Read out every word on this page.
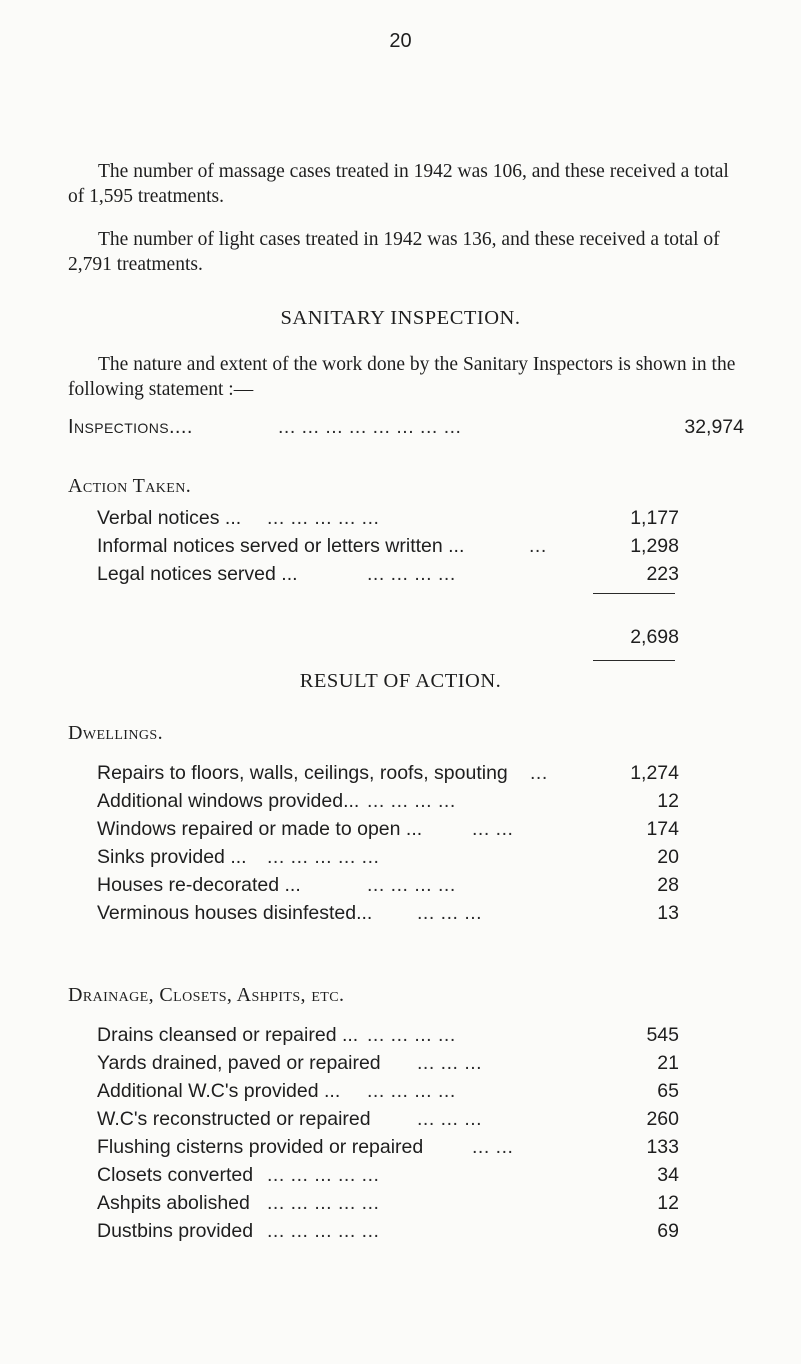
20
The number of massage cases treated in 1942 was 106, and these received a total of 1,595 treatments.
The number of light cases treated in 1942 was 136, and these received a total of 2,791 treatments.
SANITARY INSPECTION.
The nature and extent of the work done by the Sanitary Inspectors is shown in the following statement :—
Inspections....	... ... ... ... ... ... ... ...	32,974
Action Taken.
Verbal notices ... ... ... ... ... ...	1,177
Informal notices served or letters written ...	...	1,298
Legal notices served ...	... ... ... ...	223
2,698
RESULT OF ACTION.
Dwellings.
Repairs to floors, walls, ceilings, roofs, spouting ...	1,274
Additional windows provided... ... ... ... ...	12
Windows repaired or made to open ...	... ...	174
Sinks provided ... ... ... ... ... ...	20
Houses re-decorated ...	... ... ... ...	28
Verminous houses disinfested... ... ... ...	13
Drainage, Closets, Ashpits, etc.
Drains cleansed or repaired ... ... ... ... ...	545
Yards drained, paved or repaired ... ... ...	21
Additional W.C's provided ... ... ... ... ...	65
W.C's reconstructed or repaired ... ... ...	260
Flushing cisterns provided or repaired	... ...	133
Closets converted ... ... ... ... ...	34
Ashpits abolished ... ... ... ... ...	12
Dustbins provided ... ... ... ... ...	69
